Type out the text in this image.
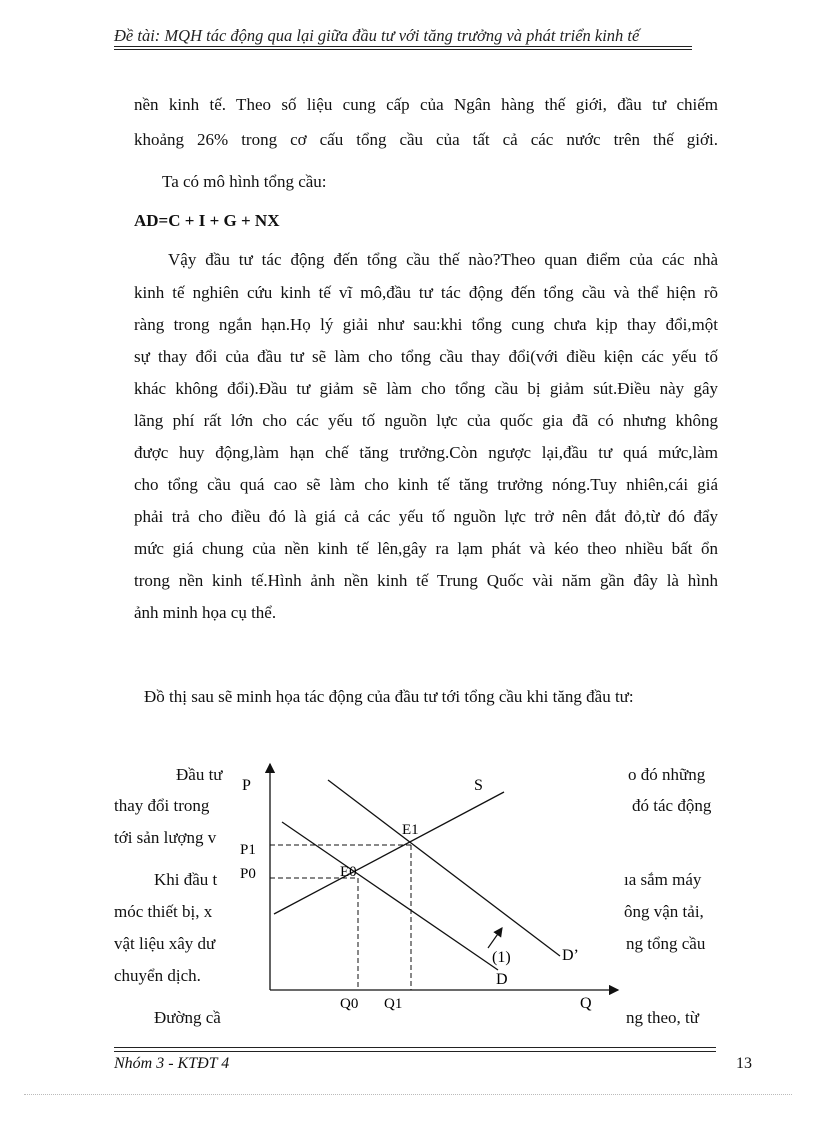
Đề tài: MQH tác động qua lại giữa đầu tư với tăng trưởng và phát triển kinh tế
nền kinh tế. Theo số liệu cung cấp của Ngân hàng thế giới, đầu tư chiếm
khoảng 26% trong cơ cấu tổng cầu của tất cả các nước trên thế giới.
Ta có mô hình tổng cầu:
AD=C + I + G + NX
Vậy đầu tư tác động đến tổng cầu thế nào?Theo quan điểm của các nhà
kinh tế nghiên cứu kinh tế vĩ mô,đầu tư tác động đến tổng cầu và thể hiện rõ
ràng trong ngắn hạn.Họ lý giải như sau:khi tổng cung chưa kịp thay đổi,một
sự thay đổi của đầu tư sẽ làm cho tổng cầu thay đổi(với điều kiện các yếu tố
khác không đổi).Đầu tư giảm sẽ làm cho tổng cầu bị giảm sút.Điều này gây
lãng phí rất lớn cho các yếu tố nguồn lực của quốc gia đã có nhưng không
được huy động,làm hạn chế tăng trưởng.Còn ngược lại,đầu tư quá mức,làm
cho tổng cầu quá cao sẽ làm cho kinh tế tăng trưởng nóng.Tuy nhiên,cái giá
phải trả cho điều đó là giá cả các yếu tố nguồn lực trở nên đắt đỏ,từ đó đẩy
mức giá chung của nền kinh tế lên,gây ra lạm phát và kéo theo nhiều bất ổn
trong nền kinh tế.Hình ảnh nền kinh tế Trung Quốc vài năm gần đây là hình
ảnh minh họa cụ thể.
Đồ thị sau sẽ minh họa tác động của đầu tư tới tổng cầu khi tăng đầu tư:
Đầu tư
thay đổi trong
tới sản lượng v
Khi đầu t
móc thiết bị, x
vật liệu xây dư
chuyển dịch.
Đường cầ
o đó những
đó tác động
ıa sắm máy
ông vận tải,
ng tổng cầu
ng theo, từ
P
Q
S
D
D’
P1
P0
Q0 Q1
E0
E1
(1)
Nhóm 3 - KTĐT 4	13
